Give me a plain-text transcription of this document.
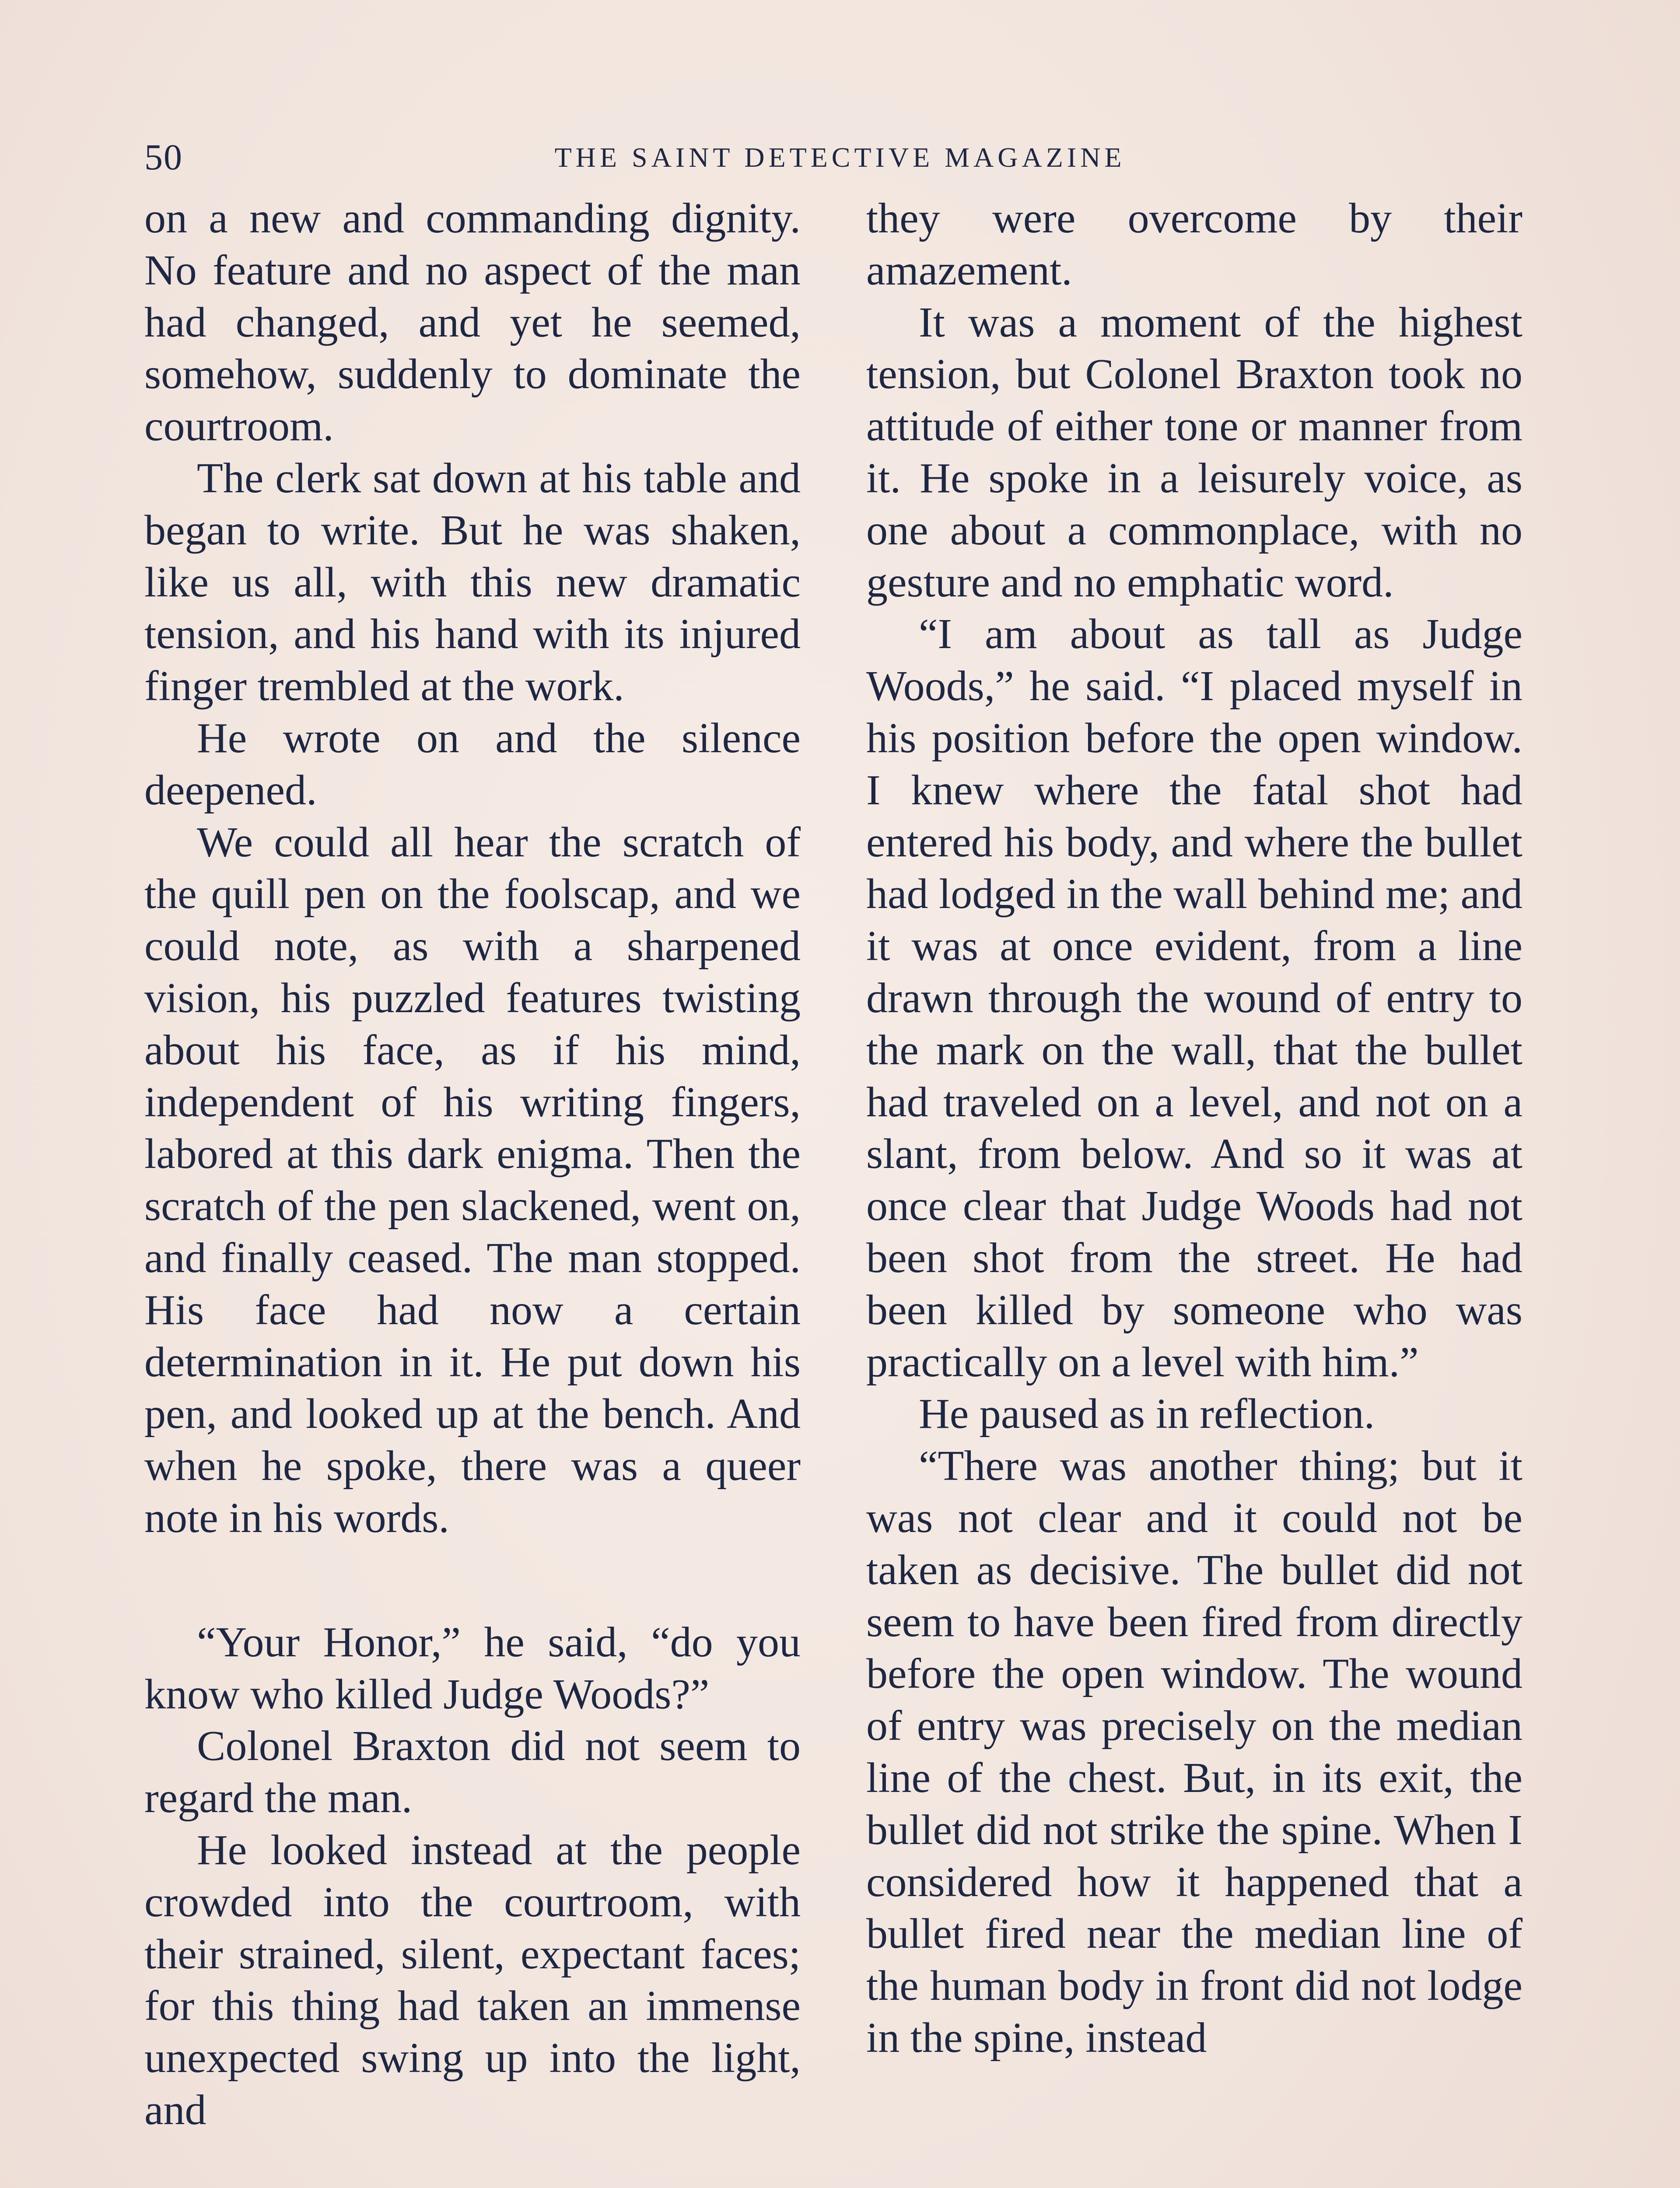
50	THE SAINT DETECTIVE MAGAZINE

on a new and commanding dignity. No feature and no aspect of the man had changed, and yet he seemed, somehow, suddenly to dominate the courtroom.

The clerk sat down at his table and began to write. But he was shaken, like us all, with this new dramatic tension, and his hand with its injured finger trembled at the work.

He wrote on and the silence deepened.

We could all hear the scratch of the quill pen on the foolscap, and we could note, as with a sharpened vision, his puzzled features twisting about his face, as if his mind, independent of his writing fingers, labored at this dark enigma. Then the scratch of the pen slackened, went on, and finally ceased. The man stopped. His face had now a certain determination in it. He put down his pen, and looked up at the bench. And when he spoke, there was a queer note in his words.

“Your Honor,” he said, “do you know who killed Judge Woods?”

Colonel Braxton did not seem to regard the man.

He looked instead at the people crowded into the courtroom, with their strained, silent, expectant faces; for this thing had taken an immense unexpected swing up into the light, and

they were overcome by their amazement.

It was a moment of the highest tension, but Colonel Braxton took no attitude of either tone or manner from it. He spoke in a leisurely voice, as one about a commonplace, with no gesture and no emphatic word.

“I am about as tall as Judge Woods,” he said. “I placed myself in his position before the open window. I knew where the fatal shot had entered his body, and where the bullet had lodged in the wall behind me; and it was at once evident, from a line drawn through the wound of entry to the mark on the wall, that the bullet had traveled on a level, and not on a slant, from below. And so it was at once clear that Judge Woods had not been shot from the street. He had been killed by someone who was practically on a level with him.”

He paused as in reflection.

“There was another thing; but it was not clear and it could not be taken as decisive. The bullet did not seem to have been fired from directly before the open window. The wound of entry was precisely on the median line of the chest. But, in its exit, the bullet did not strike the spine. When I considered how it happened that a bullet fired near the median line of the human body in front did not lodge in the spine, instead
